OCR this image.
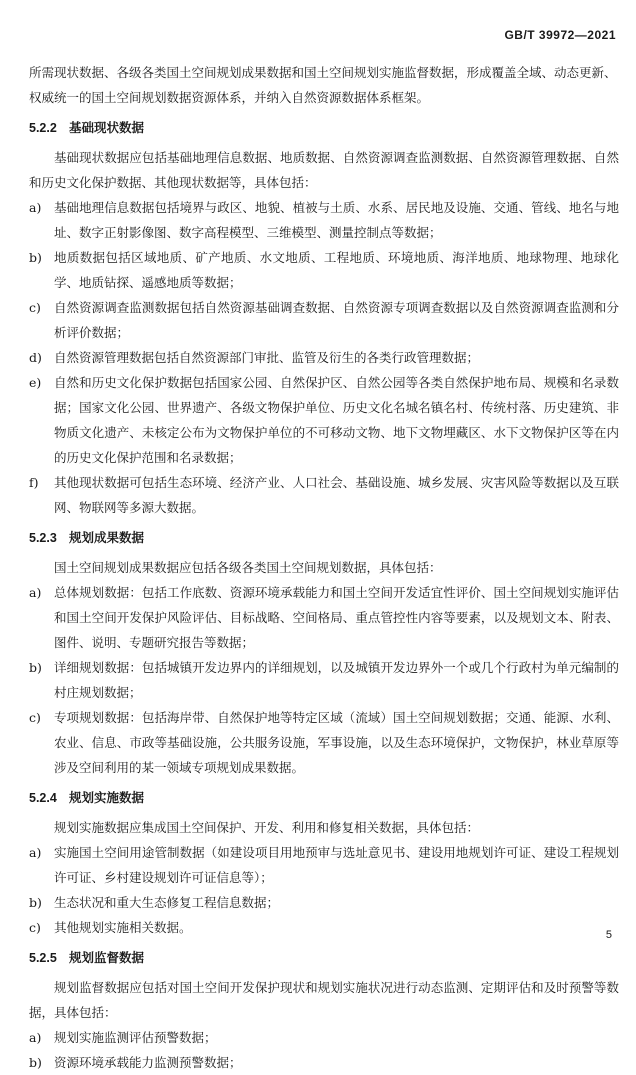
GB/T 39972—2021

所需现状数据、各级各类国土空间规划成果数据和国土空间规划实施监督数据，形成覆盖全域、动态更新、权威统一的国土空间规划数据资源体系，并纳入自然资源数据体系框架。

5.2.2 基础现状数据

基础现状数据应包括基础地理信息数据、地质数据、自然资源调查监测数据、自然资源管理数据、自然和历史文化保护数据、其他现状数据等，具体包括：

a)	基础地理信息数据包括境界与政区、地貌、植被与土质、水系、居民地及设施、交通、管线、地名与地址、数字正射影像图、数字高程模型、三维模型、测量控制点等数据；
b) 地质数据包括区域地质、矿产地质、水文地质、工程地质、环境地质、海洋地质、地球物理、地球化学、地质钻探、遥感地质等数据；
c)	自然资源调查监测数据包括自然资源基础调查数据、自然资源专项调查数据以及自然资源调查监测和分析评价数据；
d) 自然资源管理数据包括自然资源部门审批、监管及衍生的各类行政管理数据；
e)	自然和历史文化保护数据包括国家公园、自然保护区、自然公园等各类自然保护地布局、规模和名录数据；国家文化公园、世界遗产、各级文物保护单位、历史文化名城名镇名村、传统村落、历史建筑、非物质文化遗产、未核定公布为文物保护单位的不可移动文物、地下文物埋藏区、水下文物保护区等在内的历史文化保护范围和名录数据；
f)	其他现状数据可包括生态环境、经济产业、人口社会、基础设施、城乡发展、灾害风险等数据以及互联网、物联网等多源大数据。
5.2.3 规划成果数据

国土空间规划成果数据应包括各级各类国土空间规划数据，具体包括：

a)	总体规划数据：包括工作底数、资源环境承载能力和国土空间开发适宜性评价、国土空间规划实施评估和国土空间开发保护风险评估、目标战略、空间格局、重点管控性内容等要素，以及规划文本、附表、图件、说明、专题研究报告等数据；
b) 详细规划数据：包括城镇开发边界内的详细规划，以及城镇开发边界外一个或几个行政村为单元编制的村庄规划数据；
c)	专项规划数据：包括海岸带、自然保护地等特定区域（流域）国土空间规划数据；交通、能源、水利、农业、信息、市政等基础设施，公共服务设施，军事设施，以及生态环境保护，文物保护，林业草原等涉及空间利用的某一领域专项规划成果数据。
5.2.4 规划实施数据

规划实施数据应集成国土空间保护、开发、利用和修复相关数据，具体包括：

a)	实施国土空间用途管制数据（如建设项目用地预审与选址意见书、建设用地规划许可证、建设工程规划许可证、乡村建设规划许可证信息等）；
b) 生态状况和重大生态修复工程信息数据；
c)	其他规划实施相关数据。
5.2.5 规划监督数据

规划监督数据应包括对国土空间开发保护现状和规划实施状况进行动态监测、定期评估和及时预警等数据，具体包括：

a)	规划实施监测评估预警数据；
b) 资源环境承载能力监测预警数据；
5
